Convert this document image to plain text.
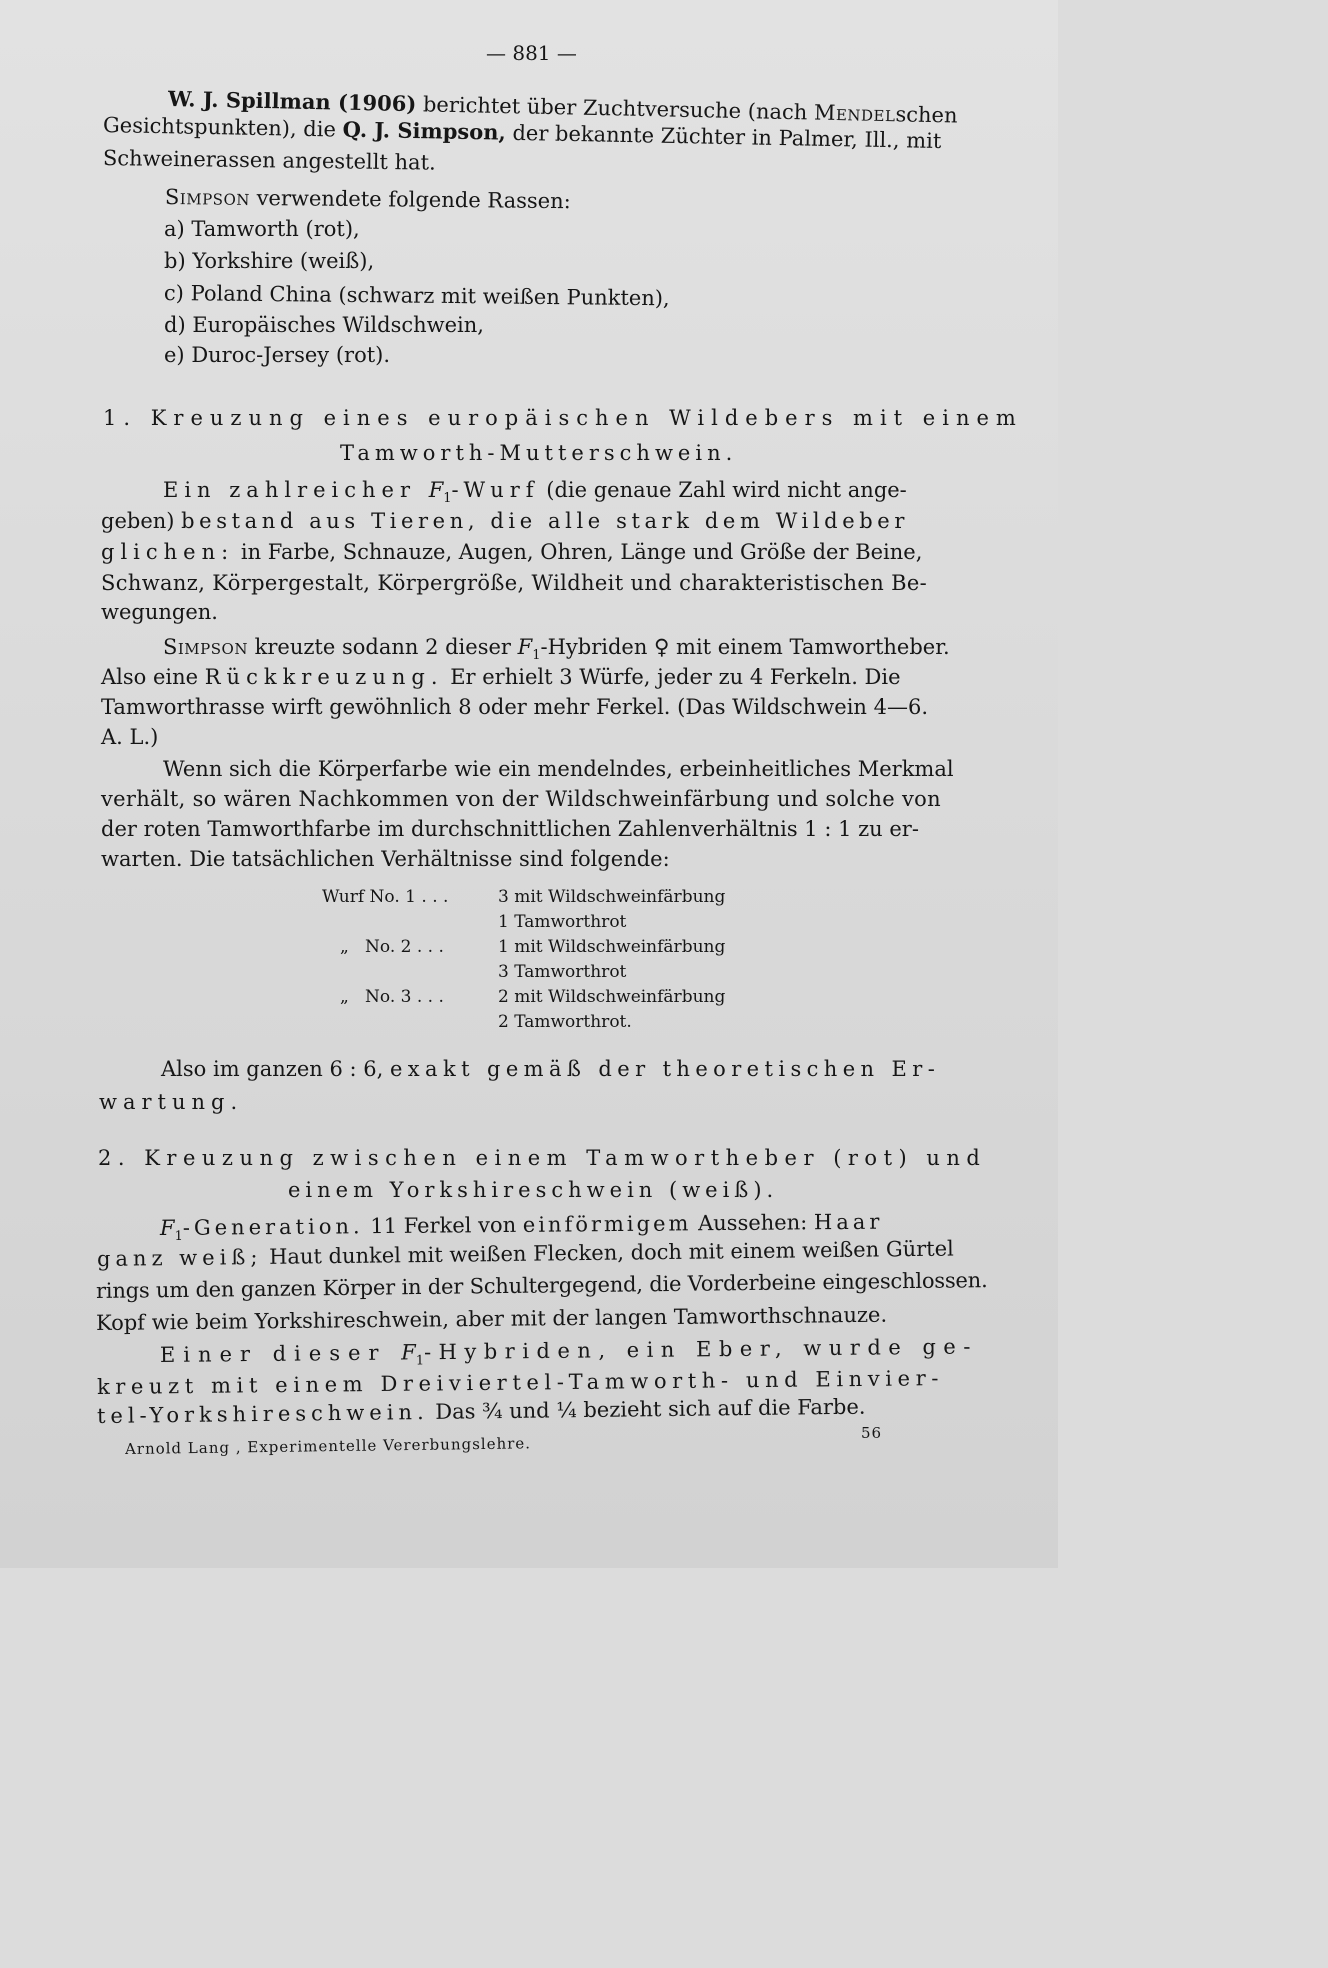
— 881 —
W. J. Spillman (1906) berichtet über Zuchtversuche (nach Mendelschen
Gesichtspunkten), die Q. J. Simpson, der bekannte Züchter in Palmer, Ill., mit
Schweinerassen angestellt hat.
Simpson verwendete folgende Rassen:
a) Tamworth (rot),
b) Yorkshire (weiß),
c) Poland China (schwarz mit weißen Punkten),
d) Europäisches Wildschwein,
e) Duroc-Jersey (rot).
1. Kreuzung eines europäischen Wildebers mit einem
Tamworth-Mutterschwein.
Ein zahlreicher $F_1$-Wurf (die genaue Zahl wird nicht ange-
geben) bestand aus Tieren, die alle stark dem Wildeber
glichen: in Farbe, Schnauze, Augen, Ohren, Länge und Größe der Beine,
Schwanz, Körpergestalt, Körpergröße, Wildheit und charakteristischen Be-
wegungen.
Simpson kreuzte sodann 2 dieser $F_1$-Hybriden ♀ mit einem Tamwortheber.
Also eine Rückkreuzung. Er erhielt 3 Würfe, jeder zu 4 Ferkeln. Die
Tamworthrasse wirft gewöhnlich 8 oder mehr Ferkel. (Das Wildschwein 4—6.
A. L.)
Wenn sich die Körperfarbe wie ein mendelndes, erbeinheitliches Merkmal
verhält, so wären Nachkommen von der Wildschweinfärbung und solche von
der roten Tamworthfarbe im durchschnittlichen Zahlenverhältnis 1 : 1 zu er-
warten. Die tatsächlichen Verhältnisse sind folgende:
Wurf No. 1 . . .	3 mit Wildschweinfärbung
1 Tamworthrot
„   No. 2 . . .	1 mit Wildschweinfärbung
3 Tamworthrot
„   No. 3 . . .	2 mit Wildschweinfärbung
2 Tamworthrot.
Also im ganzen 6 : 6, exakt gemäß der theoretischen Er-
wartung.
2. Kreuzung zwischen einem Tamwortheber (rot) und
einem Yorkshireschwein (weiß).
$F_1$-Generation. 11 Ferkel von einförmigem Aussehen: Haar
ganz weiß; Haut dunkel mit weißen Flecken, doch mit einem weißen Gürtel
rings um den ganzen Körper in der Schultergegend, die Vorderbeine eingeschlossen.
Kopf wie beim Yorkshireschwein, aber mit der langen Tamworthschnauze.
Einer dieser $F_1$-Hybriden, ein Eber, wurde ge-
kreuzt mit einem Dreiviertel-Tamworth- und Einvier-
tel-Yorkshireschwein. Das ¾ und ¼ bezieht sich auf die Farbe.
56
Arnold Lang , Experimentelle Vererbungslehre.
